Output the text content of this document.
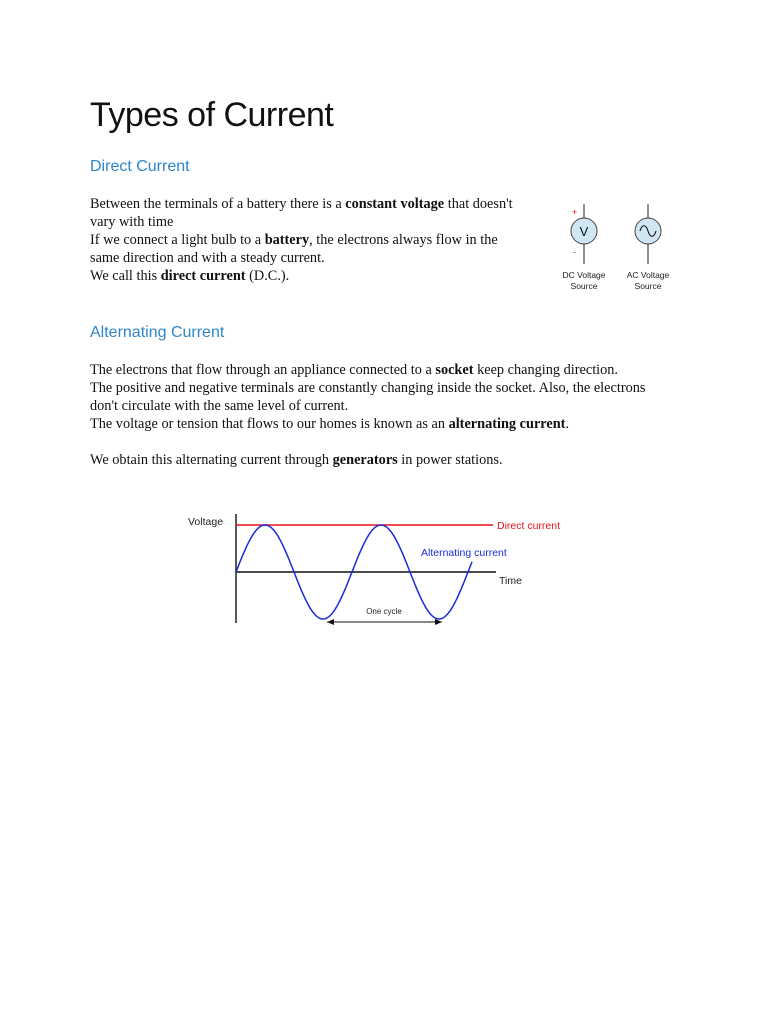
Types of Current
Direct Current

Between the terminals of a battery there is a constant voltage that doesn't
vary with time
If we connect a light bulb to a battery, the electrons always flow in the
same direction and with a steady current.
We call this direct current (D.C.).

V
+
-
DC Voltage
Source
AC Voltage
Source
Alternating Current

The electrons that flow through an appliance connected to a socket keep changing direction.
The positive and negative terminals are constantly changing inside the socket. Also, the electrons
don't circulate with the same level of current.
The voltage or tension that flows to our homes is known as an alternating current.

We obtain this alternating current through generators in power stations.

Voltage
Time
Direct current
Alternating current
One cycle
